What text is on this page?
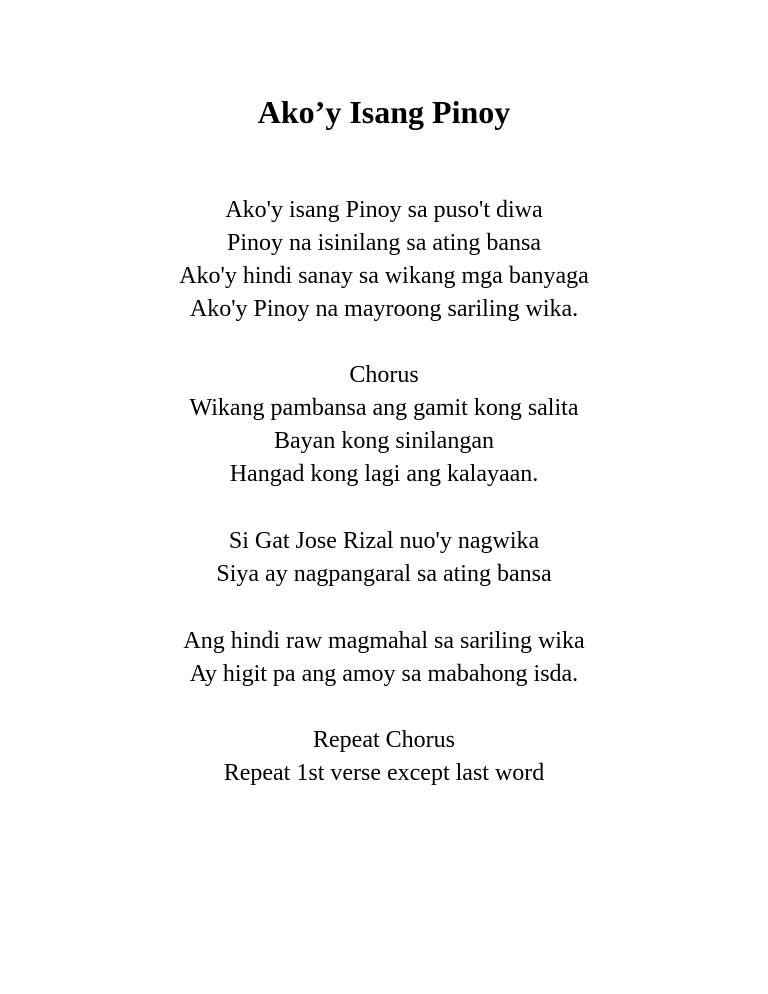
Ako’y Isang Pinoy
Ako'y isang Pinoy sa puso't diwa
Pinoy na isinilang sa ating bansa
Ako'y hindi sanay sa wikang mga banyaga
Ako'y Pinoy na mayroong sariling wika.
Chorus
Wikang pambansa ang gamit kong salita
Bayan kong sinilangan
Hangad kong lagi ang kalayaan.
Si Gat Jose Rizal nuo'y nagwika
Siya ay nagpangaral sa ating bansa
Ang hindi raw magmahal sa sariling wika
Ay higit pa ang amoy sa mabahong isda.
Repeat Chorus
Repeat 1st verse except last word
